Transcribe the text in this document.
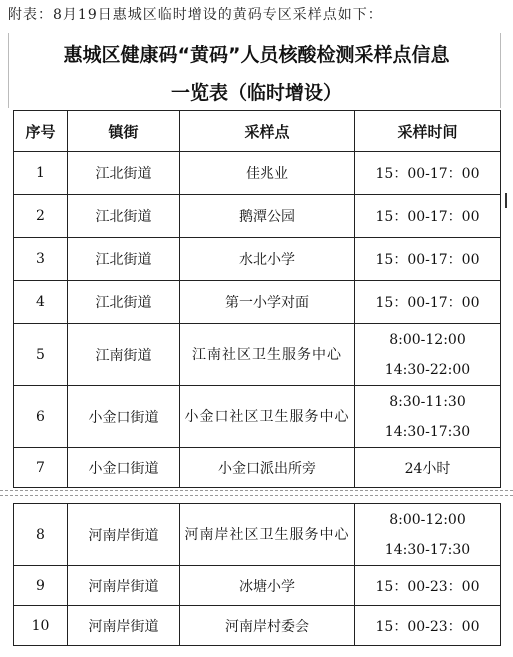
附表：8月19日惠城区临时增设的黄码专区采样点如下：
惠城区健康码“黄码”人员核酸检测采样点信息
一览表（临时增设）
序号	镇街	采样点	采样时间
1	江北街道	佳兆业	15：00-17：00
2	江北街道	鹅潭公园	15：00-17：00
3	江北街道	水北小学	15：00-17：00
4	江北街道	第一小学对面	15：00-17：00
5	江南街道	江南社区卫生服务中心	8:00-12:00
14:30-22:00

6	小金口街道	小金口社区卫生服务中心	8:30-11:30
14:30-17:30

7	小金口街道	小金口派出所旁	24小时
8	河南岸街道	河南岸社区卫生服务中心	8:00-12:00
14:30-17:30

9	河南岸街道	冰塘小学	15：00-23：00
10	河南岸街道	河南岸村委会	15：00-23：00
